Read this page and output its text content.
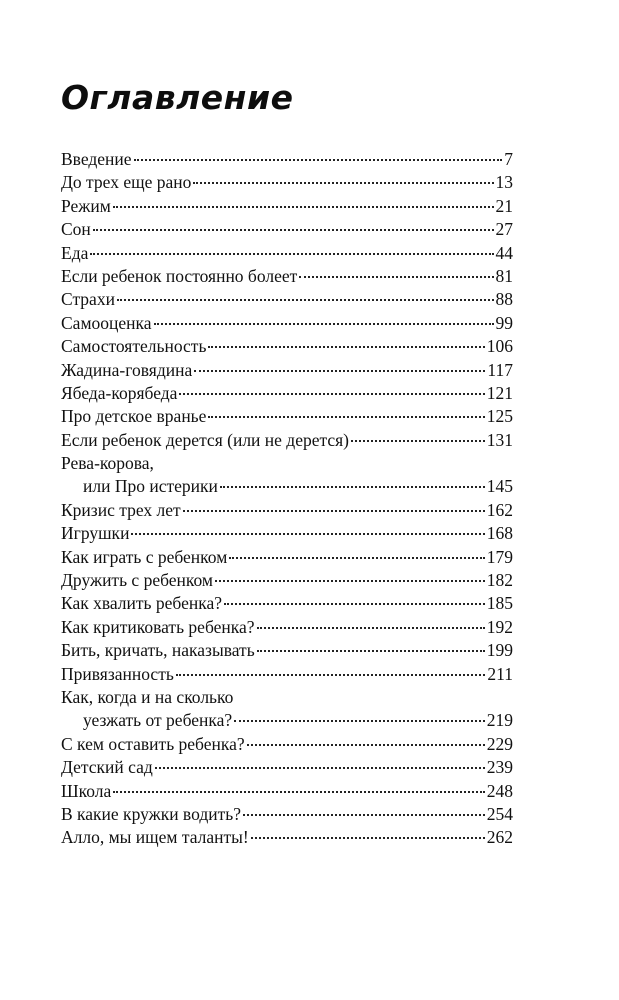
Оглавление
Введение	7
До трех еще рано	13
Режим	21
Сон	27
Еда	44
Если ребенок постоянно болеет	81
Страхи	88
Самооценка	99
Самостоятельность	106
Жадина-говядина	117
Ябеда-корябеда	121
Про детское вранье	125
Если ребенок дерется (или не дерется)	131
Рева-корова,
или Про истерики	145
Кризис трех лет	162
Игрушки	168
Как играть с ребенком	179
Дружить с ребенком	182
Как хвалить ребенка?	185
Как критиковать ребенка?	192
Бить, кричать, наказывать	199
Привязанность	211
Как, когда и на сколько
уезжать от ребенка?	219
С кем оставить ребенка?	229
Детский сад	239
Школа	248
В какие кружки водить?	254
Алло, мы ищем таланты!	262
